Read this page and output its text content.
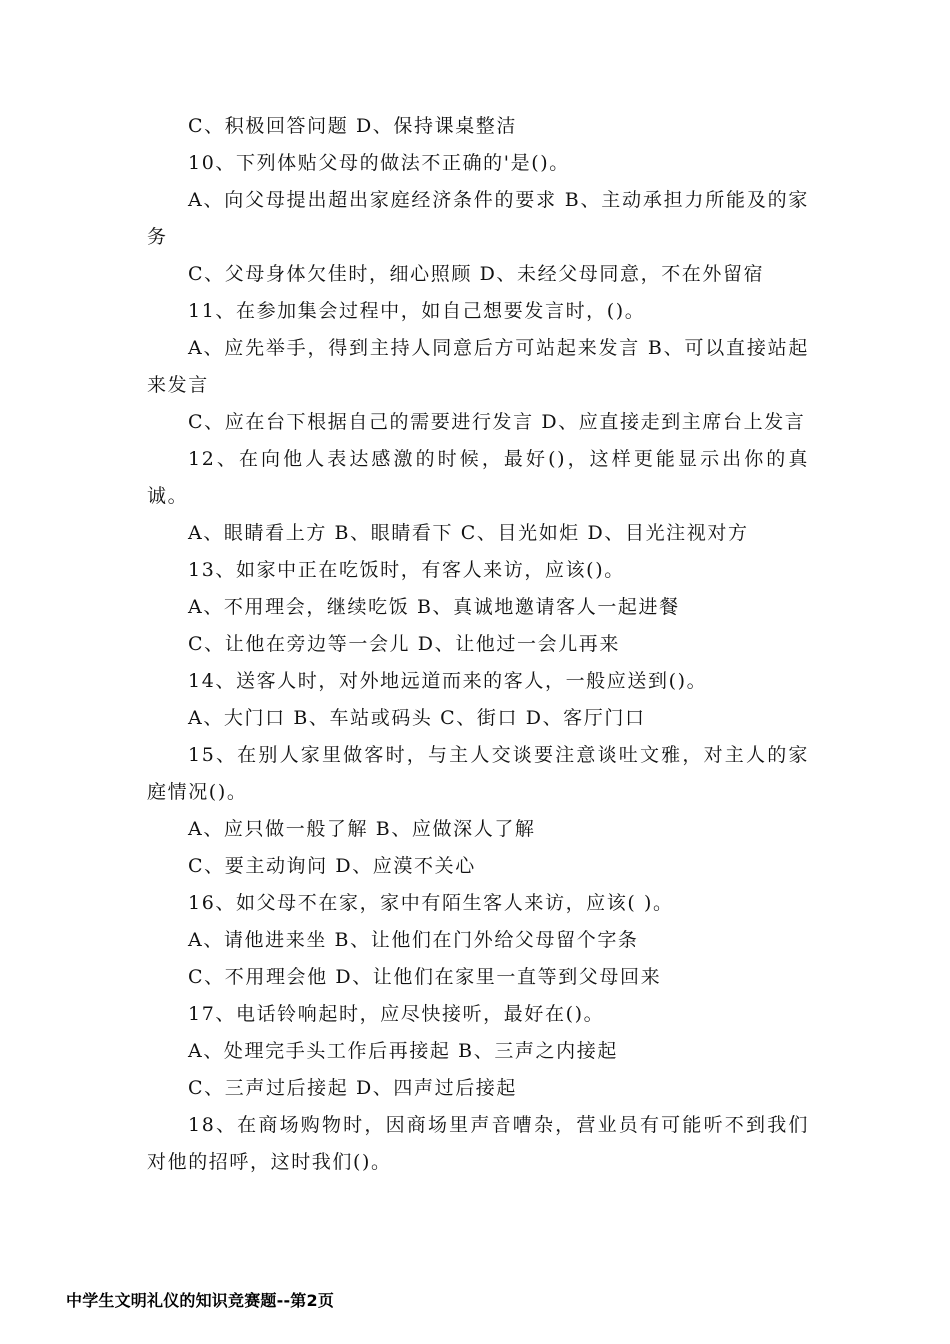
C、积极回答问题 D、保持课桌整洁

10、下列体贴父母的做法不正确的'是()。

A、向父母提出超出家庭经济条件的要求 B、主动承担力所能及的家务

C、父母身体欠佳时，细心照顾 D、未经父母同意，不在外留宿

11、在参加集会过程中，如自己想要发言时，()。

A、应先举手，得到主持人同意后方可站起来发言 B、可以直接站起来发言

C、应在台下根据自己的需要进行发言 D、应直接走到主席台上发言

12、在向他人表达感激的时候，最好()，这样更能显示出你的真诚。

A、眼睛看上方 B、眼睛看下 C、目光如炬 D、目光注视对方

13、如家中正在吃饭时，有客人来访，应该()。

A、不用理会，继续吃饭 B、真诚地邀请客人一起进餐

C、让他在旁边等一会儿 D、让他过一会儿再来

14、送客人时，对外地远道而来的客人，一般应送到()。

A、大门口 B、车站或码头 C、街口 D、客厅门口

15、在别人家里做客时，与主人交谈要注意谈吐文雅，对主人的家庭情况()。

A、应只做一般了解 B、应做深人了解

C、要主动询问 D、应漠不关心

16、如父母不在家，家中有陌生客人来访，应该( )。

A、请他进来坐 B、让他们在门外给父母留个字条

C、不用理会他 D、让他们在家里一直等到父母回来

17、电话铃响起时，应尽快接听，最好在()。

A、处理完手头工作后再接起 B、三声之内接起

C、三声过后接起 D、四声过后接起

18、在商场购物时，因商场里声音嘈杂，营业员有可能听不到我们对他的招呼，这时我们()。

中学生文明礼仪的知识竞赛题--第2页
